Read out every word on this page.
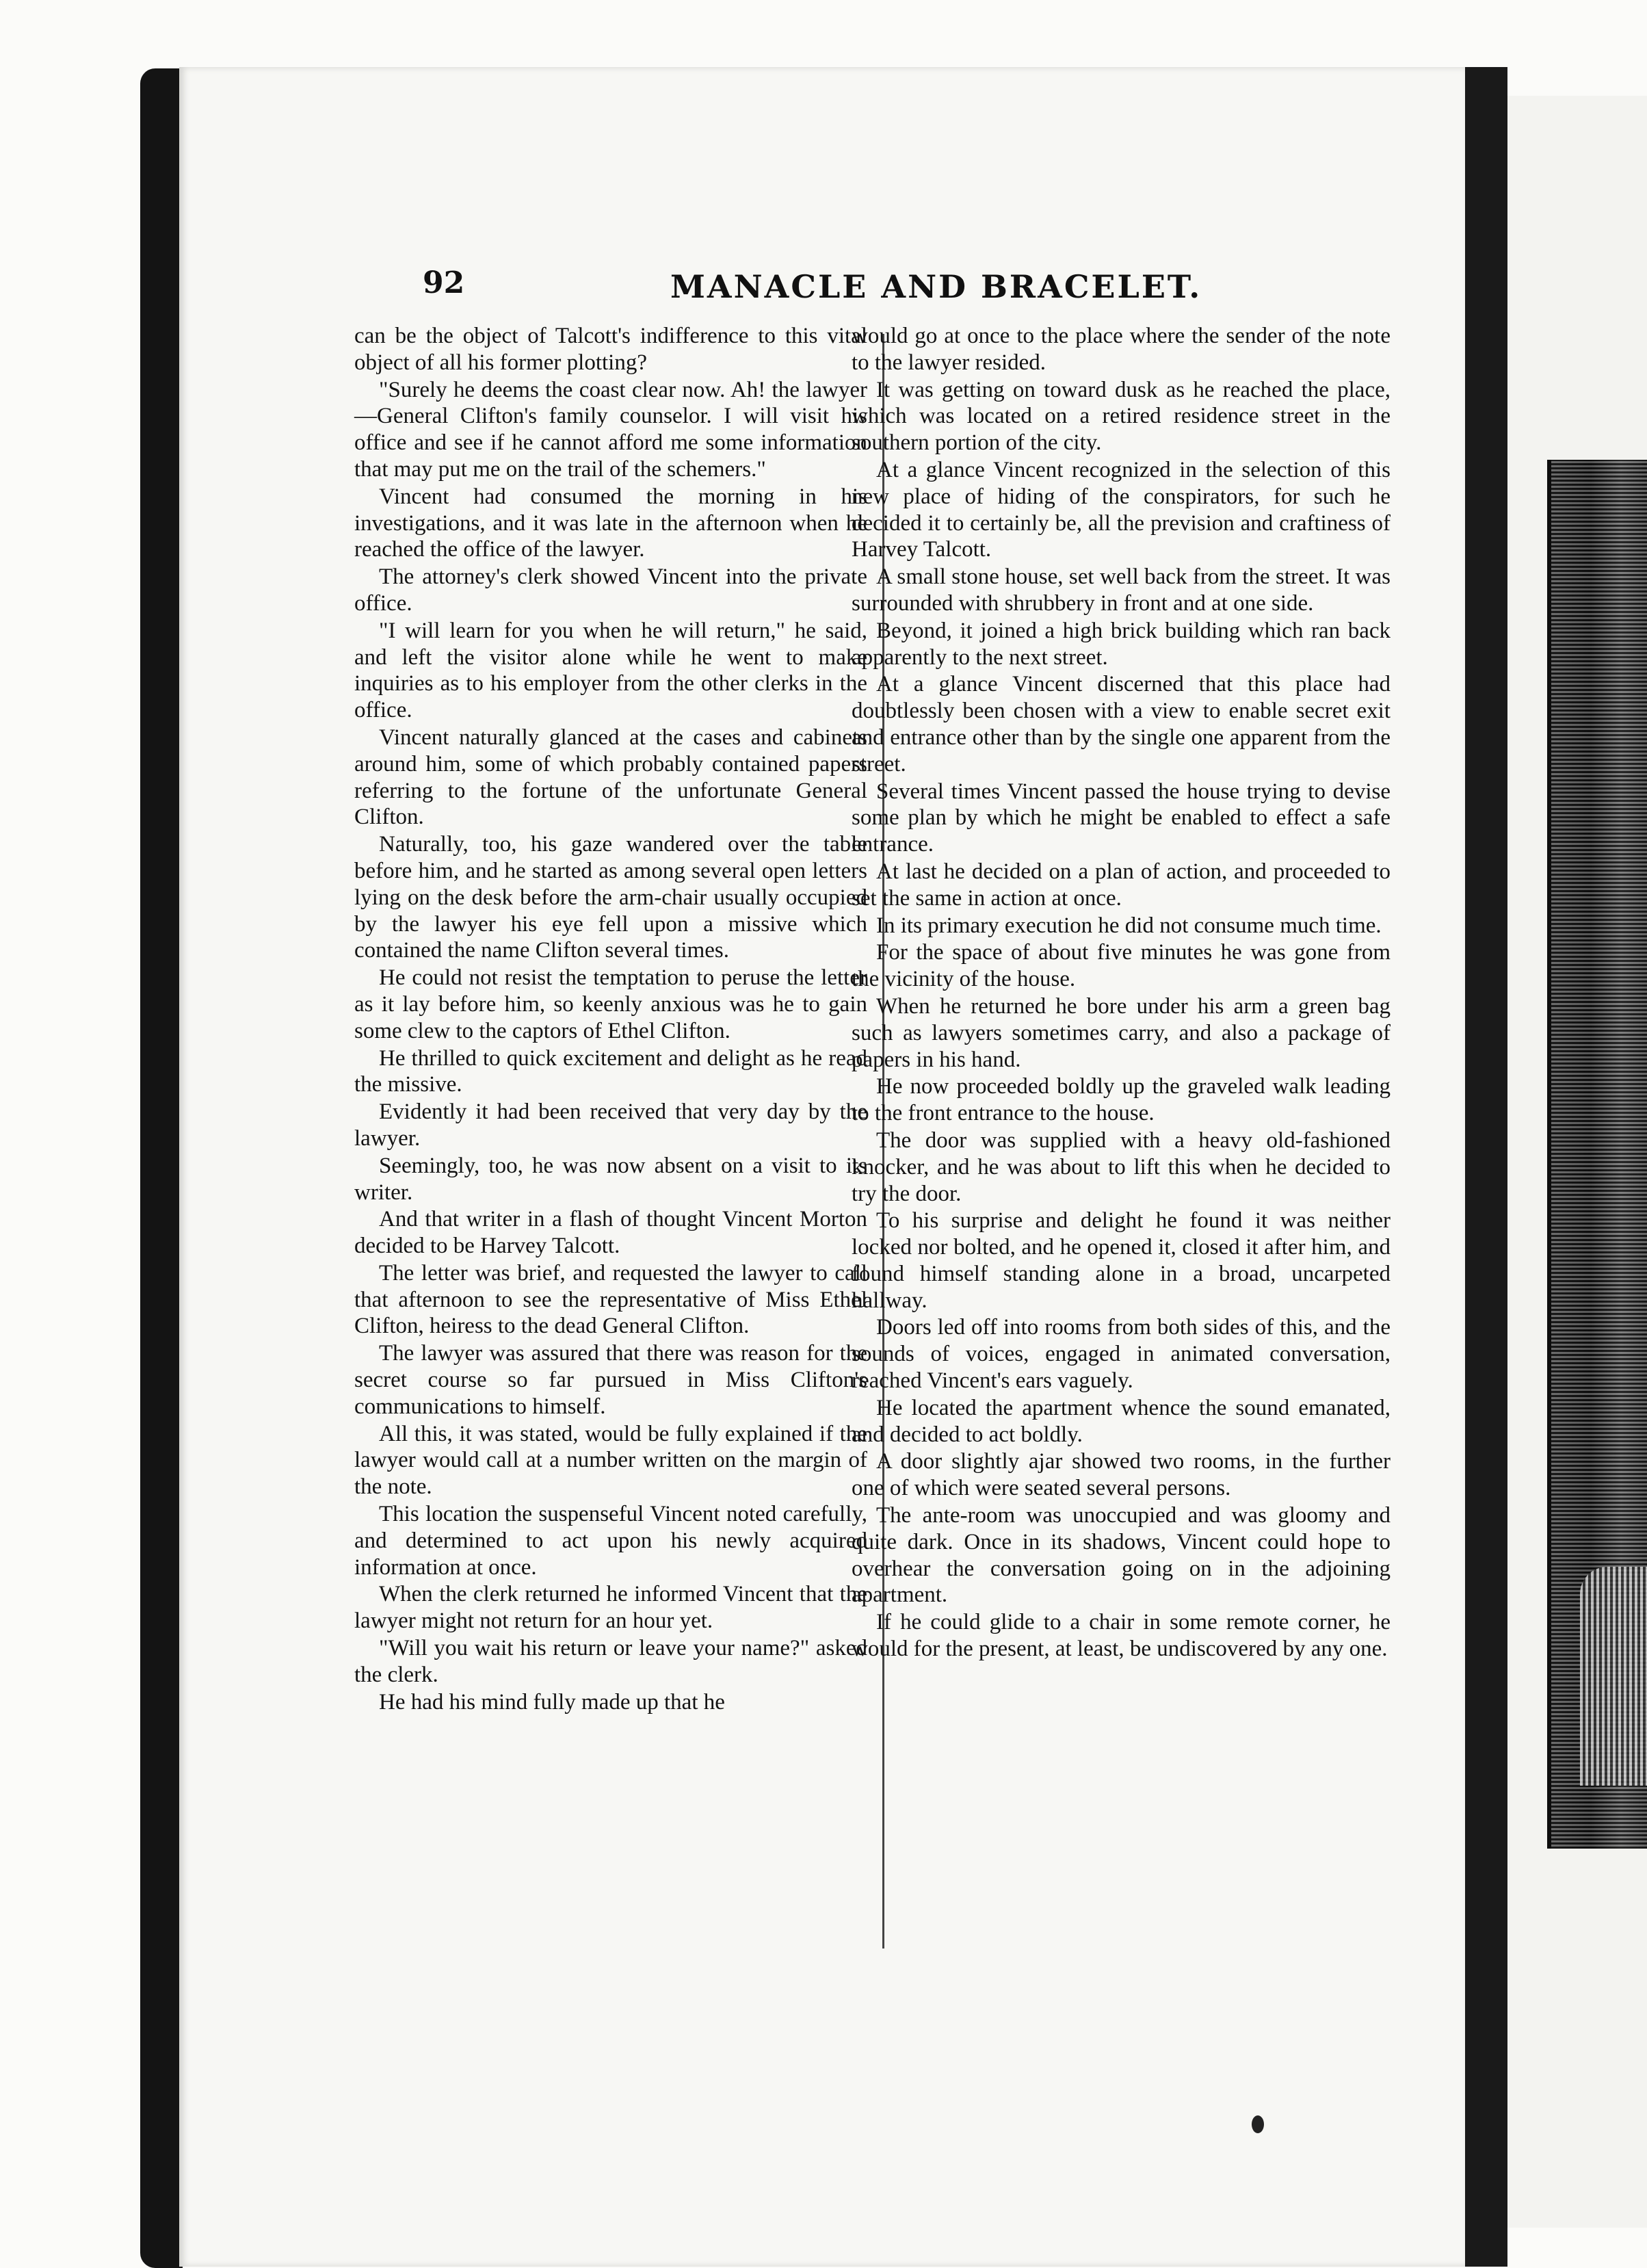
92	MANACLE AND BRACELET.

can be the object of Talcott's indifference to this vital object of all his former plotting?

"Surely he deems the coast clear now. Ah! the lawyer—General Clifton's family counselor. I will visit his office and see if he cannot afford me some information that may put me on the trail of the schemers."

Vincent had consumed the morning in his investigations, and it was late in the afternoon when he reached the office of the lawyer.

The attorney's clerk showed Vincent into the private office.

"I will learn for you when he will return," he said, and left the visitor alone while he went to make inquiries as to his employer from the other clerks in the office.

Vincent naturally glanced at the cases and cabinets around him, some of which probably contained papers referring to the fortune of the unfortunate General Clifton.

Naturally, too, his gaze wandered over the table before him, and he started as among several open letters lying on the desk before the arm-chair usually occupied by the lawyer his eye fell upon a missive which contained the name Clifton several times.

He could not resist the temptation to peruse the letter as it lay before him, so keenly anxious was he to gain some clew to the captors of Ethel Clifton.

He thrilled to quick excitement and delight as he read the missive.

Evidently it had been received that very day by the lawyer.

Seemingly, too, he was now absent on a visit to its writer.

And that writer in a flash of thought Vincent Morton decided to be Harvey Talcott.

The letter was brief, and requested the lawyer to call that afternoon to see the representative of Miss Ethel Clifton, heiress to the dead General Clifton.

The lawyer was assured that there was reason for the secret course so far pursued in Miss Clifton's communications to himself.

All this, it was stated, would be fully explained if the lawyer would call at a number written on the margin of the note.

This location the suspenseful Vincent noted carefully, and determined to act upon his newly acquired information at once.

When the clerk returned he informed Vincent that the lawyer might not return for an hour yet.

"Will you wait his return or leave your name?" asked the clerk.

He had his mind fully made up that he

would go at once to the place where the sender of the note to the lawyer resided.

It was getting on toward dusk as he reached the place, which was located on a retired residence street in the southern portion of the city.

At a glance Vincent recognized in the selection of this new place of hiding of the conspirators, for such he decided it to certainly be, all the prevision and craftiness of Harvey Talcott.

A small stone house, set well back from the street. It was surrounded with shrubbery in front and at one side.

Beyond, it joined a high brick building which ran back apparently to the next street.

At a glance Vincent discerned that this place had doubtlessly been chosen with a view to enable secret exit and entrance other than by the single one apparent from the street.

Several times Vincent passed the house trying to devise some plan by which he might be enabled to effect a safe entrance.

At last he decided on a plan of action, and proceeded to set the same in action at once.

In its primary execution he did not consume much time.

For the space of about five minutes he was gone from the vicinity of the house.

When he returned he bore under his arm a green bag such as lawyers sometimes carry, and also a package of papers in his hand.

He now proceeded boldly up the graveled walk leading to the front entrance to the house.

The door was supplied with a heavy old-fashioned knocker, and he was about to lift this when he decided to try the door.

To his surprise and delight he found it was neither locked nor bolted, and he opened it, closed it after him, and found himself standing alone in a broad, uncarpeted hallway.

Doors led off into rooms from both sides of this, and the sounds of voices, engaged in animated conversation, reached Vincent's ears vaguely.

He located the apartment whence the sound emanated, and decided to act boldly.

A door slightly ajar showed two rooms, in the further one of which were seated several persons.

The ante-room was unoccupied and was gloomy and quite dark. Once in its shadows, Vincent could hope to overhear the conversation going on in the adjoining apartment.

If he could glide to a chair in some remote corner, he would for the present, at least, be undiscovered by any one.
